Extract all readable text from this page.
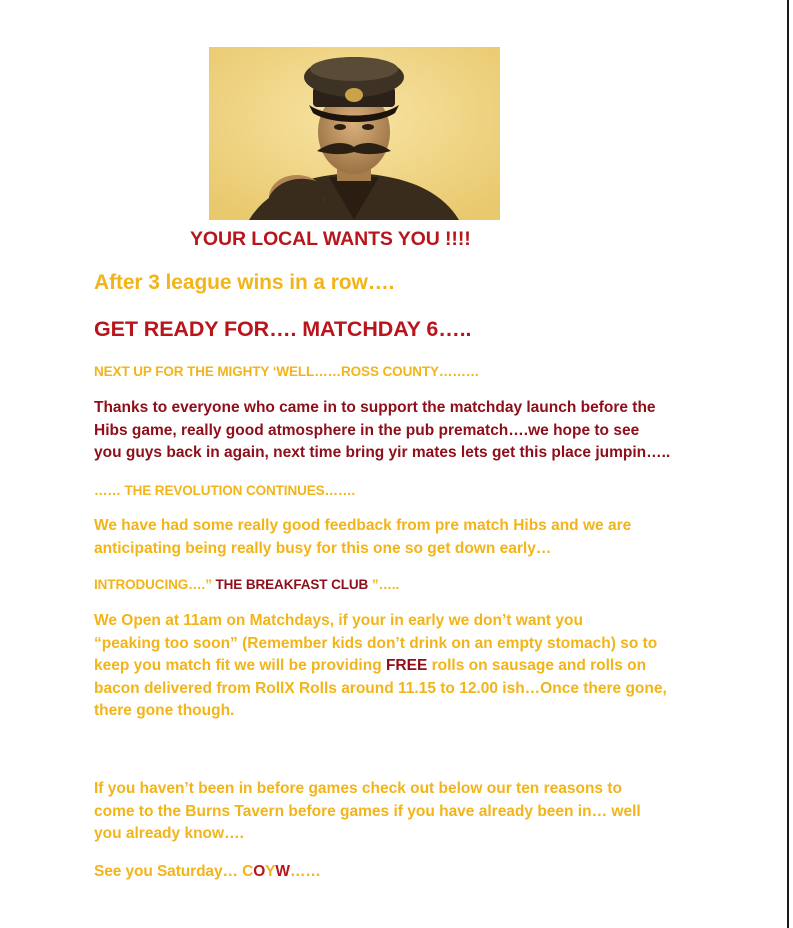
YOUR LOCAL WANTS YOU !!!!
After 3 league wins in a row….
GET READY FOR…. MATCHDAY 6…..
NEXT UP FOR THE MIGHTY ‘WELL……ROSS COUNTY………
Thanks to everyone who came in to support the matchday launch before the
Hibs game, really good atmosphere in the pub prematch….we hope to see
you guys back in again, next time bring yir mates lets get this place jumpin…..
…… THE REVOLUTION CONTINUES…….
We have had some really good feedback from pre match Hibs and we are
anticipating being really busy for this one so get down early…
INTRODUCING….” THE BREAKFAST CLUB ”…..
We Open at 11am on Matchdays, if your in early we don’t want you
“peaking too soon” (Remember kids don’t drink on an empty stomach) so to
keep you match fit we will be providing FREE rolls on sausage and rolls on
bacon delivered from RollX Rolls around 11.15 to 12.00 ish…Once there gone,
there gone though.
If you haven’t been in before games check out below our ten reasons to
come to the Burns Tavern before games if you have already been in… well
you already know….
See you Saturday… COYW……
